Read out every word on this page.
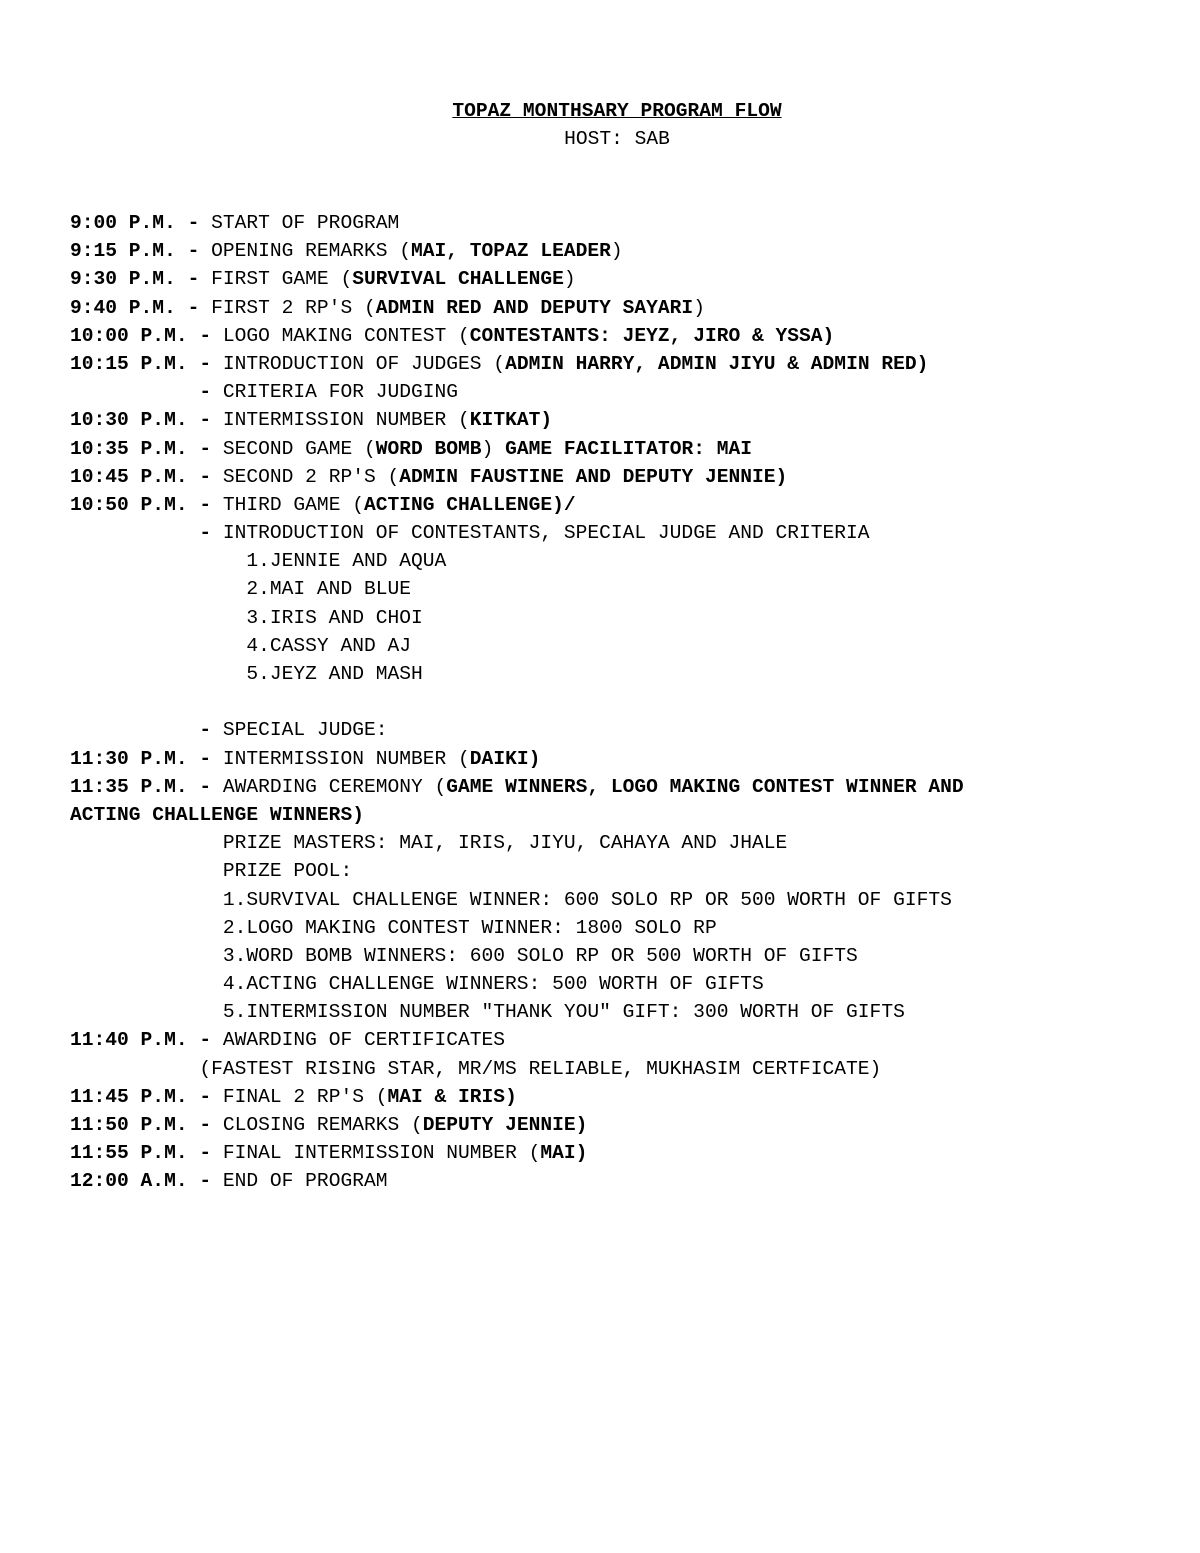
TOPAZ MONTHSARY PROGRAM FLOW
HOST: SAB
9:00 P.M. - START OF PROGRAM
9:15 P.M. - OPENING REMARKS (MAI, TOPAZ LEADER)
9:30 P.M. - FIRST GAME (SURVIVAL CHALLENGE)
9:40 P.M. - FIRST 2 RP'S (ADMIN RED AND DEPUTY SAYARI)
10:00 P.M. - LOGO MAKING CONTEST (CONTESTANTS: JEYZ, JIRO & YSSA)
10:15 P.M. - INTRODUCTION OF JUDGES (ADMIN HARRY, ADMIN JIYU & ADMIN RED)
- CRITERIA FOR JUDGING
10:30 P.M. - INTERMISSION NUMBER (KITKAT)
10:35 P.M. - SECOND GAME (WORD BOMB) GAME FACILITATOR: MAI
10:45 P.M. - SECOND 2 RP'S (ADMIN FAUSTINE AND DEPUTY JENNIE)
10:50 P.M. - THIRD GAME (ACTING CHALLENGE)/
- INTRODUCTION OF CONTESTANTS, SPECIAL JUDGE AND CRITERIA
1.JENNIE AND AQUA
2.MAI AND BLUE
3.IRIS AND CHOI
4.CASSY AND AJ
5.JEYZ AND MASH
- SPECIAL JUDGE:
11:30 P.M. - INTERMISSION NUMBER (DAIKI)
11:35 P.M. - AWARDING CEREMONY (GAME WINNERS, LOGO MAKING CONTEST WINNER AND
ACTING CHALLENGE WINNERS)
PRIZE MASTERS: MAI, IRIS, JIYU, CAHAYA AND JHALE
PRIZE POOL:
1.SURVIVAL CHALLENGE WINNER: 600 SOLO RP OR 500 WORTH OF GIFTS
2.LOGO MAKING CONTEST WINNER: 1800 SOLO RP
3.WORD BOMB WINNERS: 600 SOLO RP OR 500 WORTH OF GIFTS
4.ACTING CHALLENGE WINNERS: 500 WORTH OF GIFTS
5.INTERMISSION NUMBER "THANK YOU" GIFT: 300 WORTH OF GIFTS
11:40 P.M. - AWARDING OF CERTIFICATES
(FASTEST RISING STAR, MR/MS RELIABLE, MUKHASIM CERTFICATE)
11:45 P.M. - FINAL 2 RP'S (MAI & IRIS)
11:50 P.M. - CLOSING REMARKS (DEPUTY JENNIE)
11:55 P.M. - FINAL INTERMISSION NUMBER (MAI)
12:00 A.M. - END OF PROGRAM
